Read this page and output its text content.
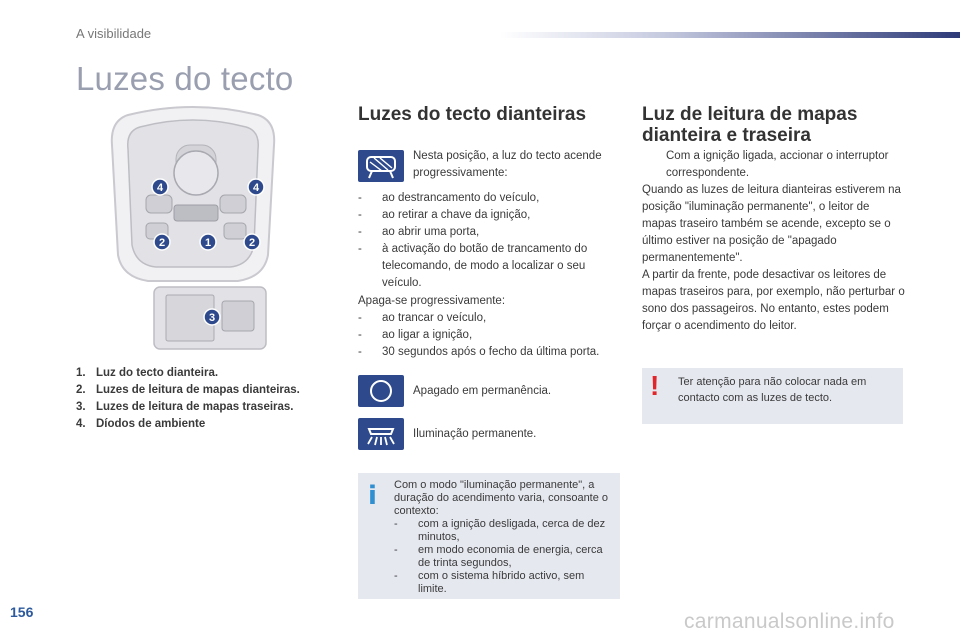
A visibilidade
Luzes do tecto
4	4
1
2	2
3
1. Luz do tecto dianteira.
2. Luzes de leitura de mapas dianteiras.
3. Luzes de leitura de mapas traseiras.
4. Díodos de ambiente
Luzes do tecto dianteiras
Nesta posição, a luz do tecto acende progressivamente:
-	ao destrancamento do veículo,
-	ao retirar a chave da ignição,
-	ao abrir uma porta,
-	à activação do botão de trancamento do telecomando, de modo a localizar o seu veículo.
Apaga-se progressivamente:
-	ao trancar o veículo,
-	ao ligar a ignição,
-	30 segundos após o fecho da última porta.
Apagado em permanência.
Iluminação permanente.
i Com o modo "iluminação permanente", a duração do acendimento varia, consoante o contexto:
-	com a ignição desligada, cerca de dez minutos,
-	em modo economia de energia, cerca de trinta segundos,
-	com o sistema híbrido activo, sem limite.
Luz de leitura de mapas dianteira e traseira
Com a ignição ligada, accionar o interruptor correspondente.
Quando as luzes de leitura dianteiras estiverem na posição "iluminação permanente", o leitor de mapas traseiro também se acende, excepto se o último estiver na posição de "apagado permanentemente".
A partir da frente, pode desactivar os leitores de mapas traseiros para, por exemplo, não perturbar o sono dos passageiros. No entanto, estes podem forçar o acendimento do leitor.
! Ter atenção para não colocar nada em contacto com as luzes de tecto.
156	carmanualsonline.info
